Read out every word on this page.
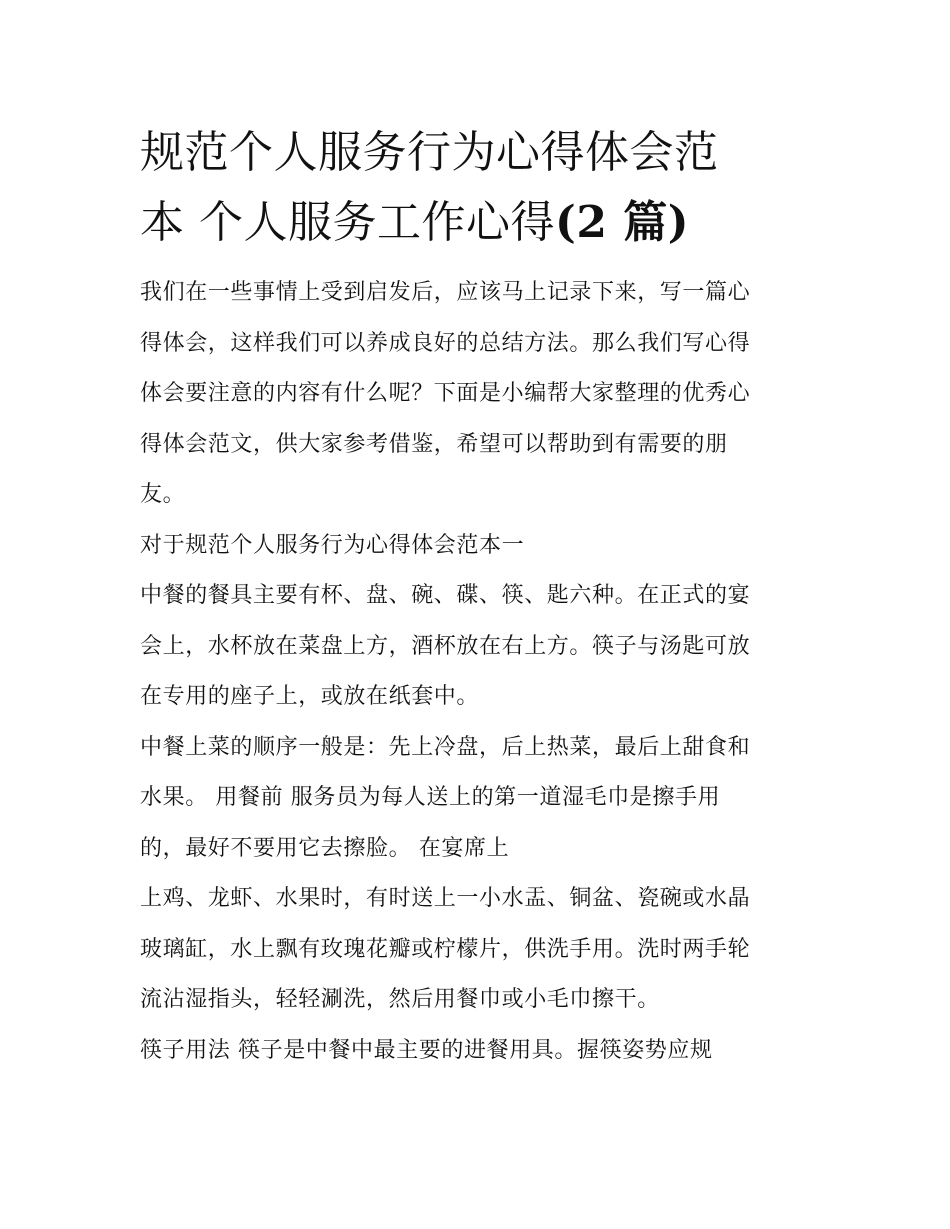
规范个人服务行为心得体会范
本 个人服务工作心得(2 篇)

我们在一些事情上受到启发后，应该马上记录下来，写一篇心
得体会，这样我们可以养成良好的总结方法。那么我们写心得
体会要注意的内容有什么呢？下面是小编帮大家整理的优秀心
得体会范文，供大家参考借鉴，希望可以帮助到有需要的朋
友。

对于规范个人服务行为心得体会范本一

中餐的餐具主要有杯、盘、碗、碟、筷、匙六种。在正式的宴
会上，水杯放在菜盘上方，酒杯放在右上方。筷子与汤匙可放
在专用的座子上，或放在纸套中。

中餐上菜的顺序一般是：先上冷盘，后上热菜，最后上甜食和
水果。 用餐前 服务员为每人送上的第一道湿毛巾是擦手用
的，最好不要用它去擦脸。 在宴席上

上鸡、龙虾、水果时，有时送上一小水盂、铜盆、瓷碗或水晶
玻璃缸，水上飘有玫瑰花瓣或柠檬片，供洗手用。洗时两手轮
流沾湿指头，轻轻涮洗，然后用餐巾或小毛巾擦干。

筷子用法 筷子是中餐中最主要的进餐用具。握筷姿势应规
